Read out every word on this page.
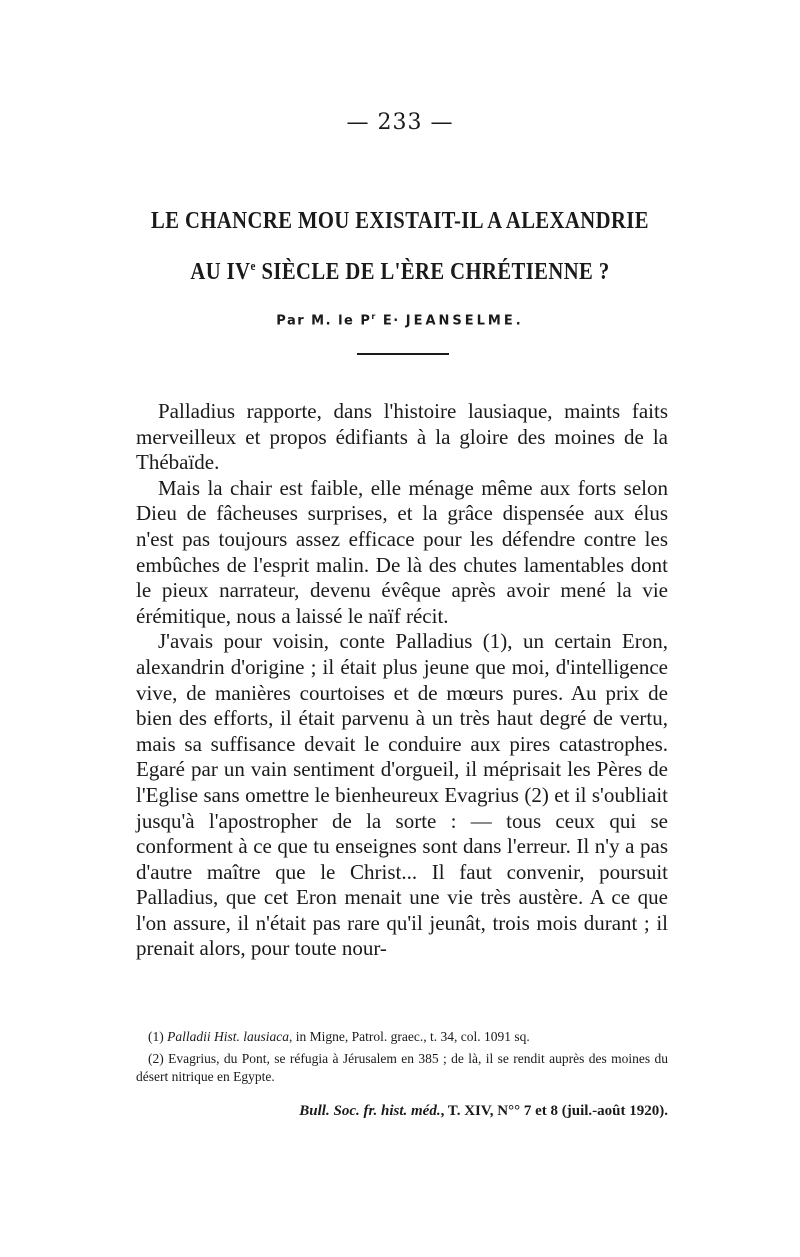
— 233 —
LE CHANCRE MOU EXISTAIT-IL A ALEXANDRIE
AU IVe SIÈCLE DE L'ÈRE CHRÉTIENNE ?
Par M. le $P^r$ E· JEANSELME.

Palladius rapporte, dans l'histoire lausiaque, maints faits merveilleux et propos édifiants à la gloire des moines de la Thébaïde.

Mais la chair est faible, elle ménage même aux forts selon Dieu de fâcheuses surprises, et la grâce dispensée aux élus n'est pas toujours assez efficace pour les défendre contre les embûches de l'esprit malin. De là des chutes lamentables dont le pieux narrateur, devenu évêque après avoir mené la vie érémitique, nous a laissé le naïf récit.

J'avais pour voisin, conte Palladius (1), un certain Eron, alexandrin d'origine ; il était plus jeune que moi, d'intelligence vive, de manières courtoises et de mœurs pures. Au prix de bien des efforts, il était parvenu à un très haut degré de vertu, mais sa suffisance devait le conduire aux pires catastrophes. Egaré par un vain sentiment d'orgueil, il méprisait les Pères de l'Eglise sans omettre le bienheureux Evagrius (2) et il s'oubliait jusqu'à l'apostropher de la sorte : — tous ceux qui se conforment à ce que tu enseignes sont dans l'erreur. Il n'y a pas d'autre maître que le Christ... Il faut convenir, poursuit Palladius, que cet Eron menait une vie très austère. A ce que l'on assure, il n'était pas rare qu'il jeunât, trois mois durant ; il prenait alors, pour toute nour-

(1) Palladii Hist. lausiaca, in Migne, Patrol. graec., t. 34, col. 1091 sq.

(2) Evagrius, du Pont, se réfugia à Jérusalem en 385 ; de là, il se rendit auprès des moines du désert nitrique en Egypte.

Bull. Soc. fr. hist. méd., T. XIV, N°° 7 et 8 (juil.-août 1920).
